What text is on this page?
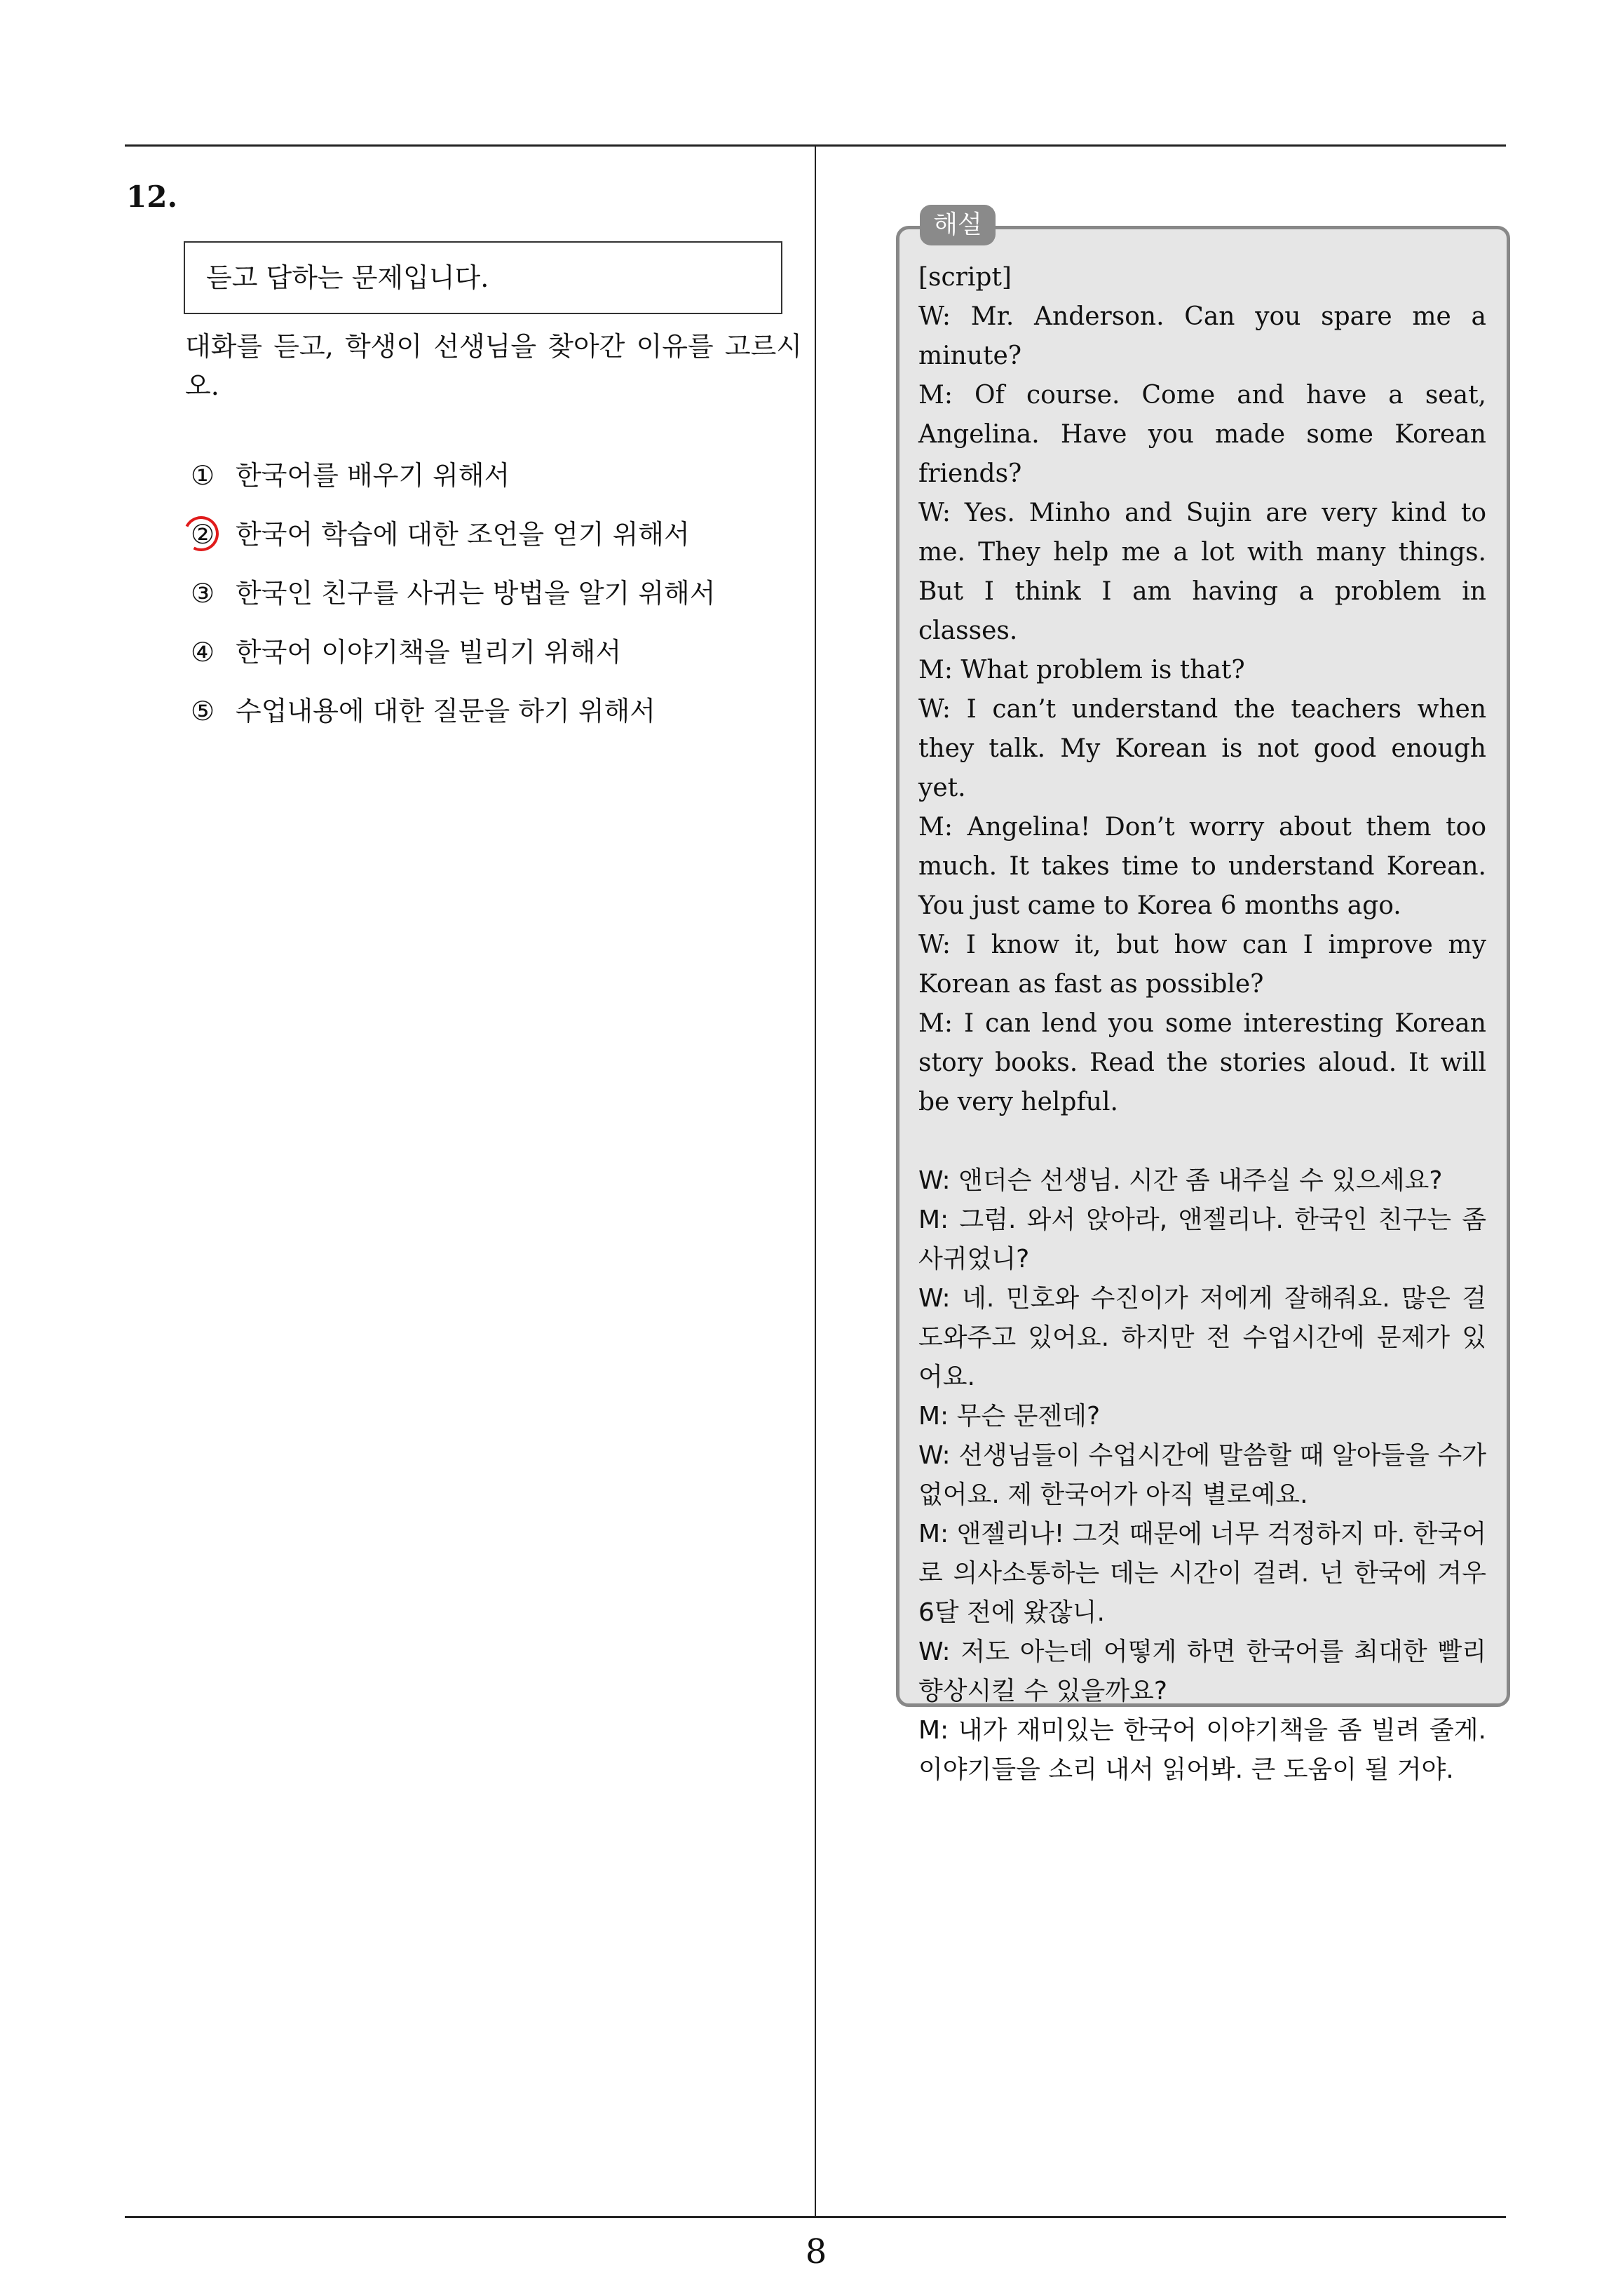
12.
듣고 답하는 문제입니다.
대화를 듣고, 학생이 선생님을 찾아간 이유를 고르시오.
① 한국어를 배우기 위해서
② 한국어 학습에 대한 조언을 얻기 위해서
③ 한국인 친구를 사귀는 방법을 알기 위해서
④ 한국어 이야기책을 빌리기 위해서
⑤ 수업내용에 대한 질문을 하기 위해서
해설
[script]
W: Mr. Anderson. Can you spare me a minute?
M: Of course. Come and have a seat, Angelina. Have you made some Korean friends?
W: Yes. Minho and Sujin are very kind to me. They help me a lot with many things. But I think I am having a problem in classes.
M: What problem is that?
W: I can’t understand the teachers when they talk. My Korean is not good enough yet.
M: Angelina! Don’t worry about them too much. It takes time to understand Korean. You just came to Korea 6 months ago.
W: I know it, but how can I improve my Korean as fast as possible?
M: I can lend you some interesting Korean story books. Read the stories aloud. It will be very helpful.
W: 앤더슨 선생님. 시간 좀 내주실 수 있으세요?
M: 그럼. 와서 앉아라, 앤젤리나. 한국인 친구는 좀 사귀었니?
W: 네. 민호와 수진이가 저에게 잘해줘요. 많은 걸 도와주고 있어요. 하지만 전 수업시간에 문제가 있어요.
M: 무슨 문젠데?
W: 선생님들이 수업시간에 말씀할 때 알아들을 수가 없어요. 제 한국어가 아직 별로예요.
M: 앤젤리나! 그것 때문에 너무 걱정하지 마. 한국어로 의사소통하는 데는 시간이 걸려. 넌 한국에 겨우 6달 전에 왔잖니.
W: 저도 아는데 어떻게 하면 한국어를 최대한 빨리 향상시킬 수 있을까요?
M: 내가 재미있는 한국어 이야기책을 좀 빌려 줄게. 이야기들을 소리 내서 읽어봐. 큰 도움이 될 거야.
8
